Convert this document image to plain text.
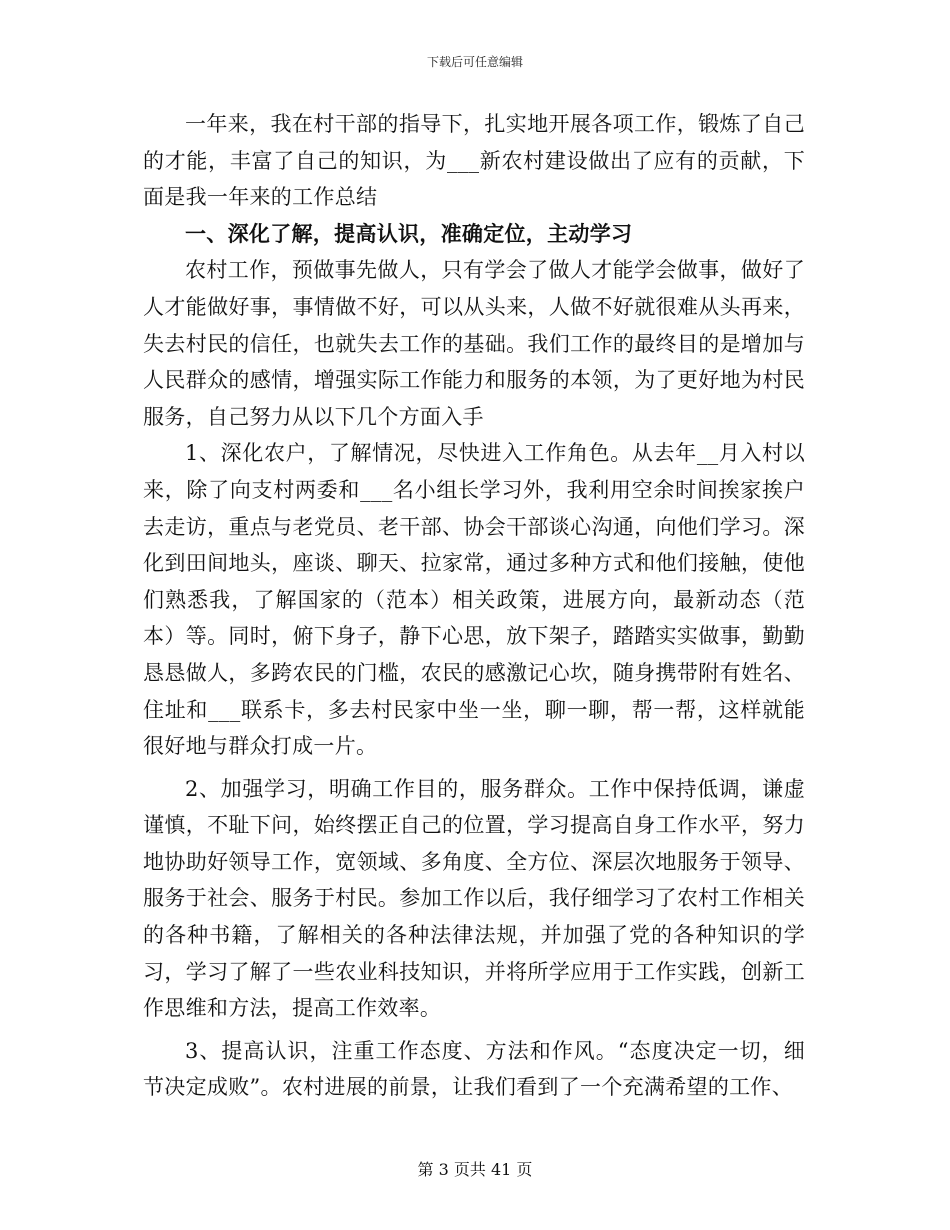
下载后可任意编辑

一年来，我在村干部的指导下，扎实地开展各项工作，锻炼了自己的才能，丰富了自己的知识，为___新农村建设做出了应有的贡献，下面是我一年来的工作总结

一、深化了解，提高认识，准确定位，主动学习

农村工作，预做事先做人，只有学会了做人才能学会做事，做好了人才能做好事，事情做不好，可以从头来，人做不好就很难从头再来，失去村民的信任，也就失去工作的基础。我们工作的最终目的是增加与人民群众的感情，增强实际工作能力和服务的本领，为了更好地为村民服务，自己努力从以下几个方面入手

1、深化农户，了解情况，尽快进入工作角色。从去年__月入村以来，除了向支村两委和___名小组长学习外，我利用空余时间挨家挨户去走访，重点与老党员、老干部、协会干部谈心沟通，向他们学习。深化到田间地头，座谈、聊天、拉家常，通过多种方式和他们接触，使他们熟悉我，了解国家的（范本）相关政策，进展方向，最新动态（范本）等。同时，俯下身子，静下心思，放下架子，踏踏实实做事，勤勤恳恳做人，多跨农民的门槛，农民的感激记心坎，随身携带附有姓名、住址和___联系卡，多去村民家中坐一坐，聊一聊，帮一帮，这样就能很好地与群众打成一片。

2、加强学习，明确工作目的，服务群众。工作中保持低调，谦虚谨慎，不耻下问，始终摆正自己的位置，学习提高自身工作水平，努力地协助好领导工作，宽领域、多角度、全方位、深层次地服务于领导、服务于社会、服务于村民。参加工作以后，我仔细学习了农村工作相关的各种书籍，了解相关的各种法律法规，并加强了党的各种知识的学习，学习了解了一些农业科技知识，并将所学应用于工作实践，创新工作思维和方法，提高工作效率。

3、提高认识，注重工作态度、方法和作风。“态度决定一切，细节决定成败”。农村进展的前景，让我们看到了一个充满希望的工作、

第 3 页共 41 页
